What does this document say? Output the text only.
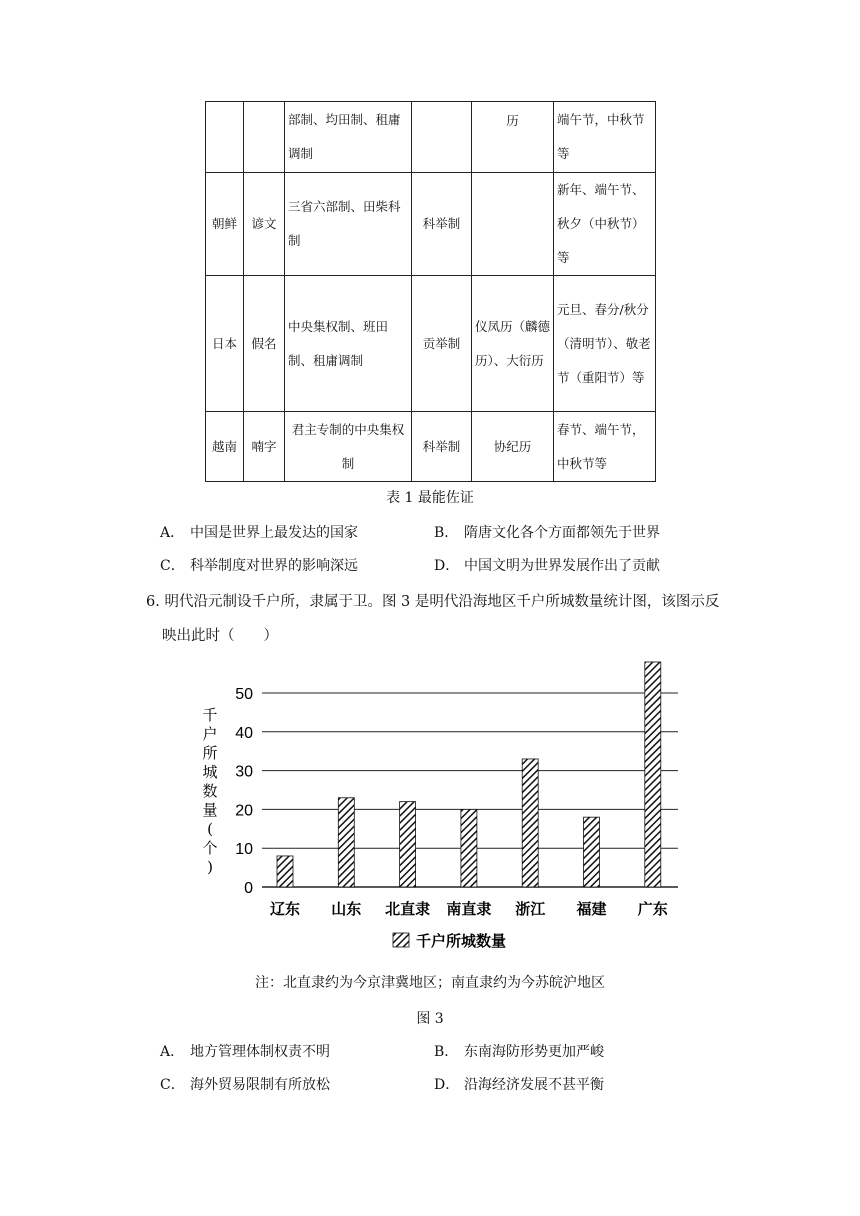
		部制、均田制、租庸调制		历	端午节，中秋节等
朝鲜	谚文	三省六部制、田柴科制	科举制		新年、端午节、秋夕（中秋节）等
日本	假名	中央集权制、班田制、租庸调制	贡举制	仪凤历（麟德历）、大衍历	元旦、春分/秋分（清明节）、敬老节（重阳节）等
越南	喃字	君主专制的中央集权制	科举制	协纪历	春节、端午节，中秋节等
表 1 最能佐证
A． 中国是世界上最发达的国家	B． 隋唐文化各个方面都领先于世界
C． 科举制度对世界的影响深远	D． 中国文明为世界发展作出了贡献
6. 明代沿元制设千户所，隶属于卫。图 3 是明代沿海地区千户所城数量统计图，该图示反
映出此时（　　）
0
10
20
30
40
50
辽东 山东 北直隶 南直隶 浙江 福建 广东
千户所城数量(个)
千户所城数量
注：北直隶约为今京津冀地区；南直隶约为今苏皖沪地区
图 3
A． 地方管理体制权责不明	B． 东南海防形势更加严峻
C． 海外贸易限制有所放松	D． 沿海经济发展不甚平衡
